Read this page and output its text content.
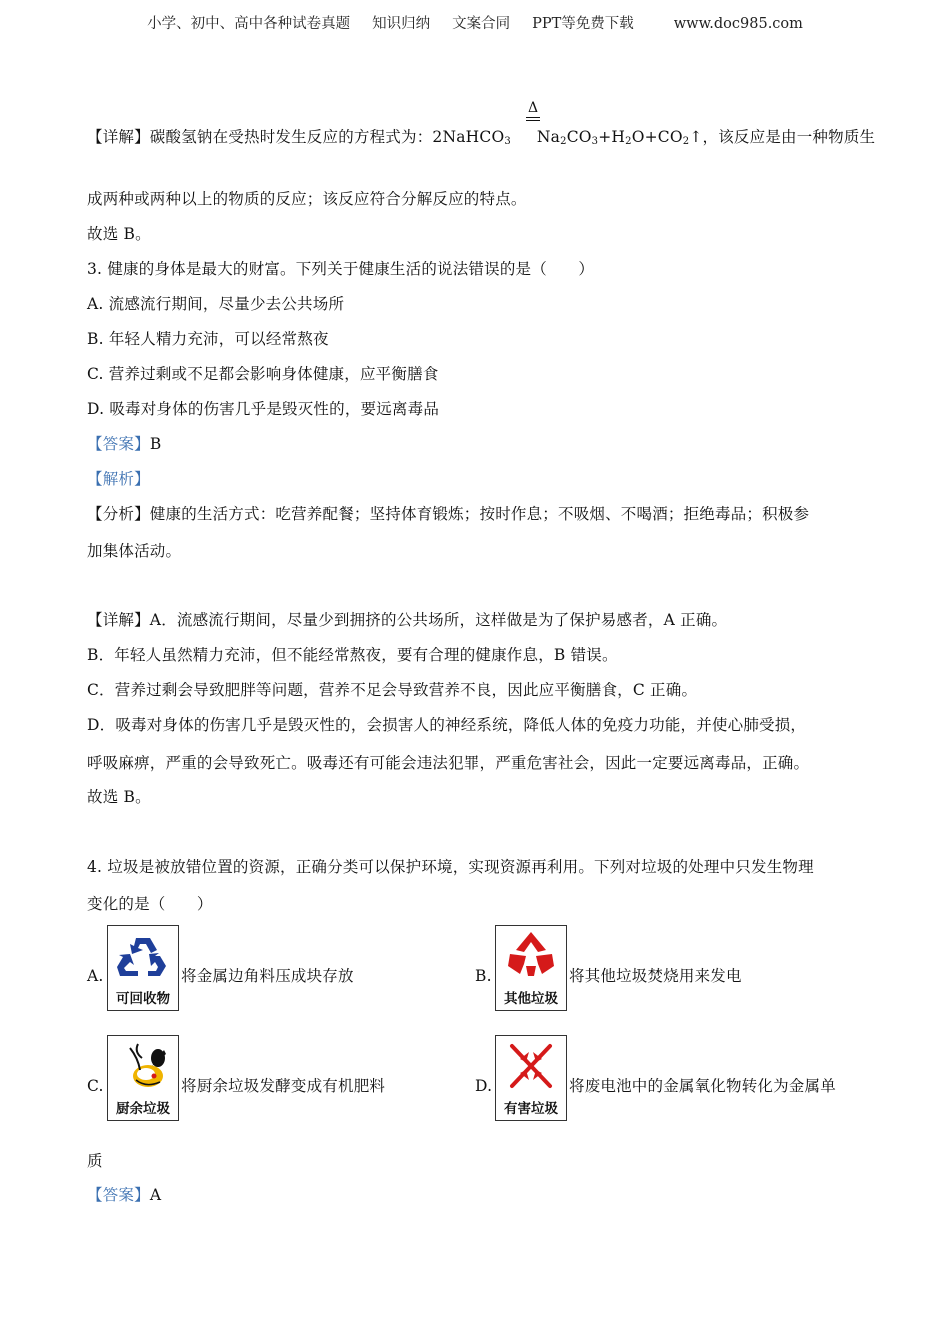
小学、初中、高中各种试卷真题 知识归纳 文案合同 PPT等免费下载	www.doc985.com
Δ
【详解】碳酸氢钠在受热时发生反应的方程式为：2NaHCO$_3$ $Na_2CO_3+H_2O+CO_2↑$，该反应是由一种物质生
成两种或两种以上的物质的反应；该反应符合分解反应的特点。
故选 B。
3. 健康的身体是最大的财富。下列关于健康生活的说法错误的是（　　）
A. 流感流行期间，尽量少去公共场所
B. 年轻人精力充沛，可以经常熬夜
C. 营养过剩或不足都会影响身体健康，应平衡膳食
D. 吸毒对身体的伤害几乎是毁灭性的，要远离毒品
【答案】B
【解析】
【分析】健康的生活方式：吃营养配餐；坚持体育锻炼；按时作息；不吸烟、不喝酒；拒绝毒品；积极参
加集体活动。
【详解】A．流感流行期间，尽量少到拥挤的公共场所，这样做是为了保护易感者，A 正确。
B．年轻人虽然精力充沛，但不能经常熬夜，要有合理的健康作息，B 错误。
C．营养过剩会导致肥胖等问题，营养不足会导致营养不良，因此应平衡膳食，C 正确。
D．吸毒对身体的伤害几乎是毁灭性的，会损害人的神经系统，降低人体的免疫力功能，并使心肺受损，
呼吸麻痹，严重的会导致死亡。吸毒还有可能会违法犯罪，严重危害社会，因此一定要远离毒品，正确。
故选 B。
4. 垃圾是被放错位置的资源，正确分类可以保护环境，实现资源再利用。下列对垃圾的处理中只发生物理
变化的是（　　）
A.
可回收物
将金属边角料压成块存放	B.
其他垃圾
将其他垃圾焚烧用来发电
C.
厨余垃圾
将厨余垃圾发酵变成有机肥料	D.
有害垃圾
将废电池中的金属氧化物转化为金属单
质
【答案】A
